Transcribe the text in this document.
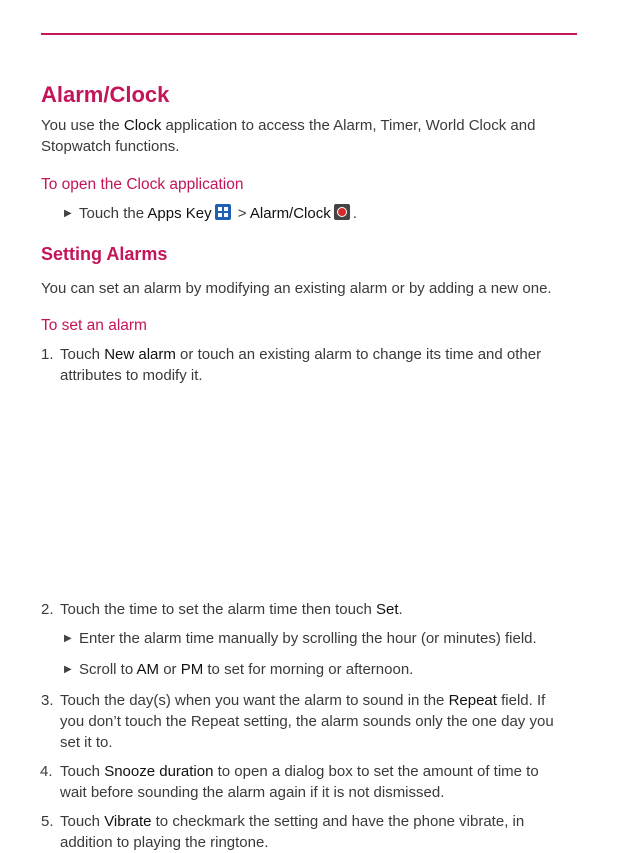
Alarm/Clock

You use the Clock application to access the Alarm, Timer, World Clock and Stopwatch functions.

To open the Clock application
▶ Touch the Apps Key
> Alarm/Clock .

Setting Alarms

You can set an alarm by modifying an existing alarm or by adding a new one.

To set an alarm
1. Touch New alarm or touch an existing alarm to change its time and other attributes to modify it.

2. Touch the time to set the alarm time then touch Set.

▶ Enter the alarm time manually by scrolling the hour (or minutes) field.

▶ Scroll to AM or PM to set for morning or afternoon.

3. Touch the day(s) when you want the alarm to sound in the Repeat field. If you don’t touch the Repeat setting, the alarm sounds only the one day you set it to.

4. Touch Snooze duration to open a dialog box to set the amount of time to wait before sounding the alarm again if it is not dismissed.

5. Touch Vibrate to checkmark the setting and have the phone vibrate, in addition to playing the ringtone.
